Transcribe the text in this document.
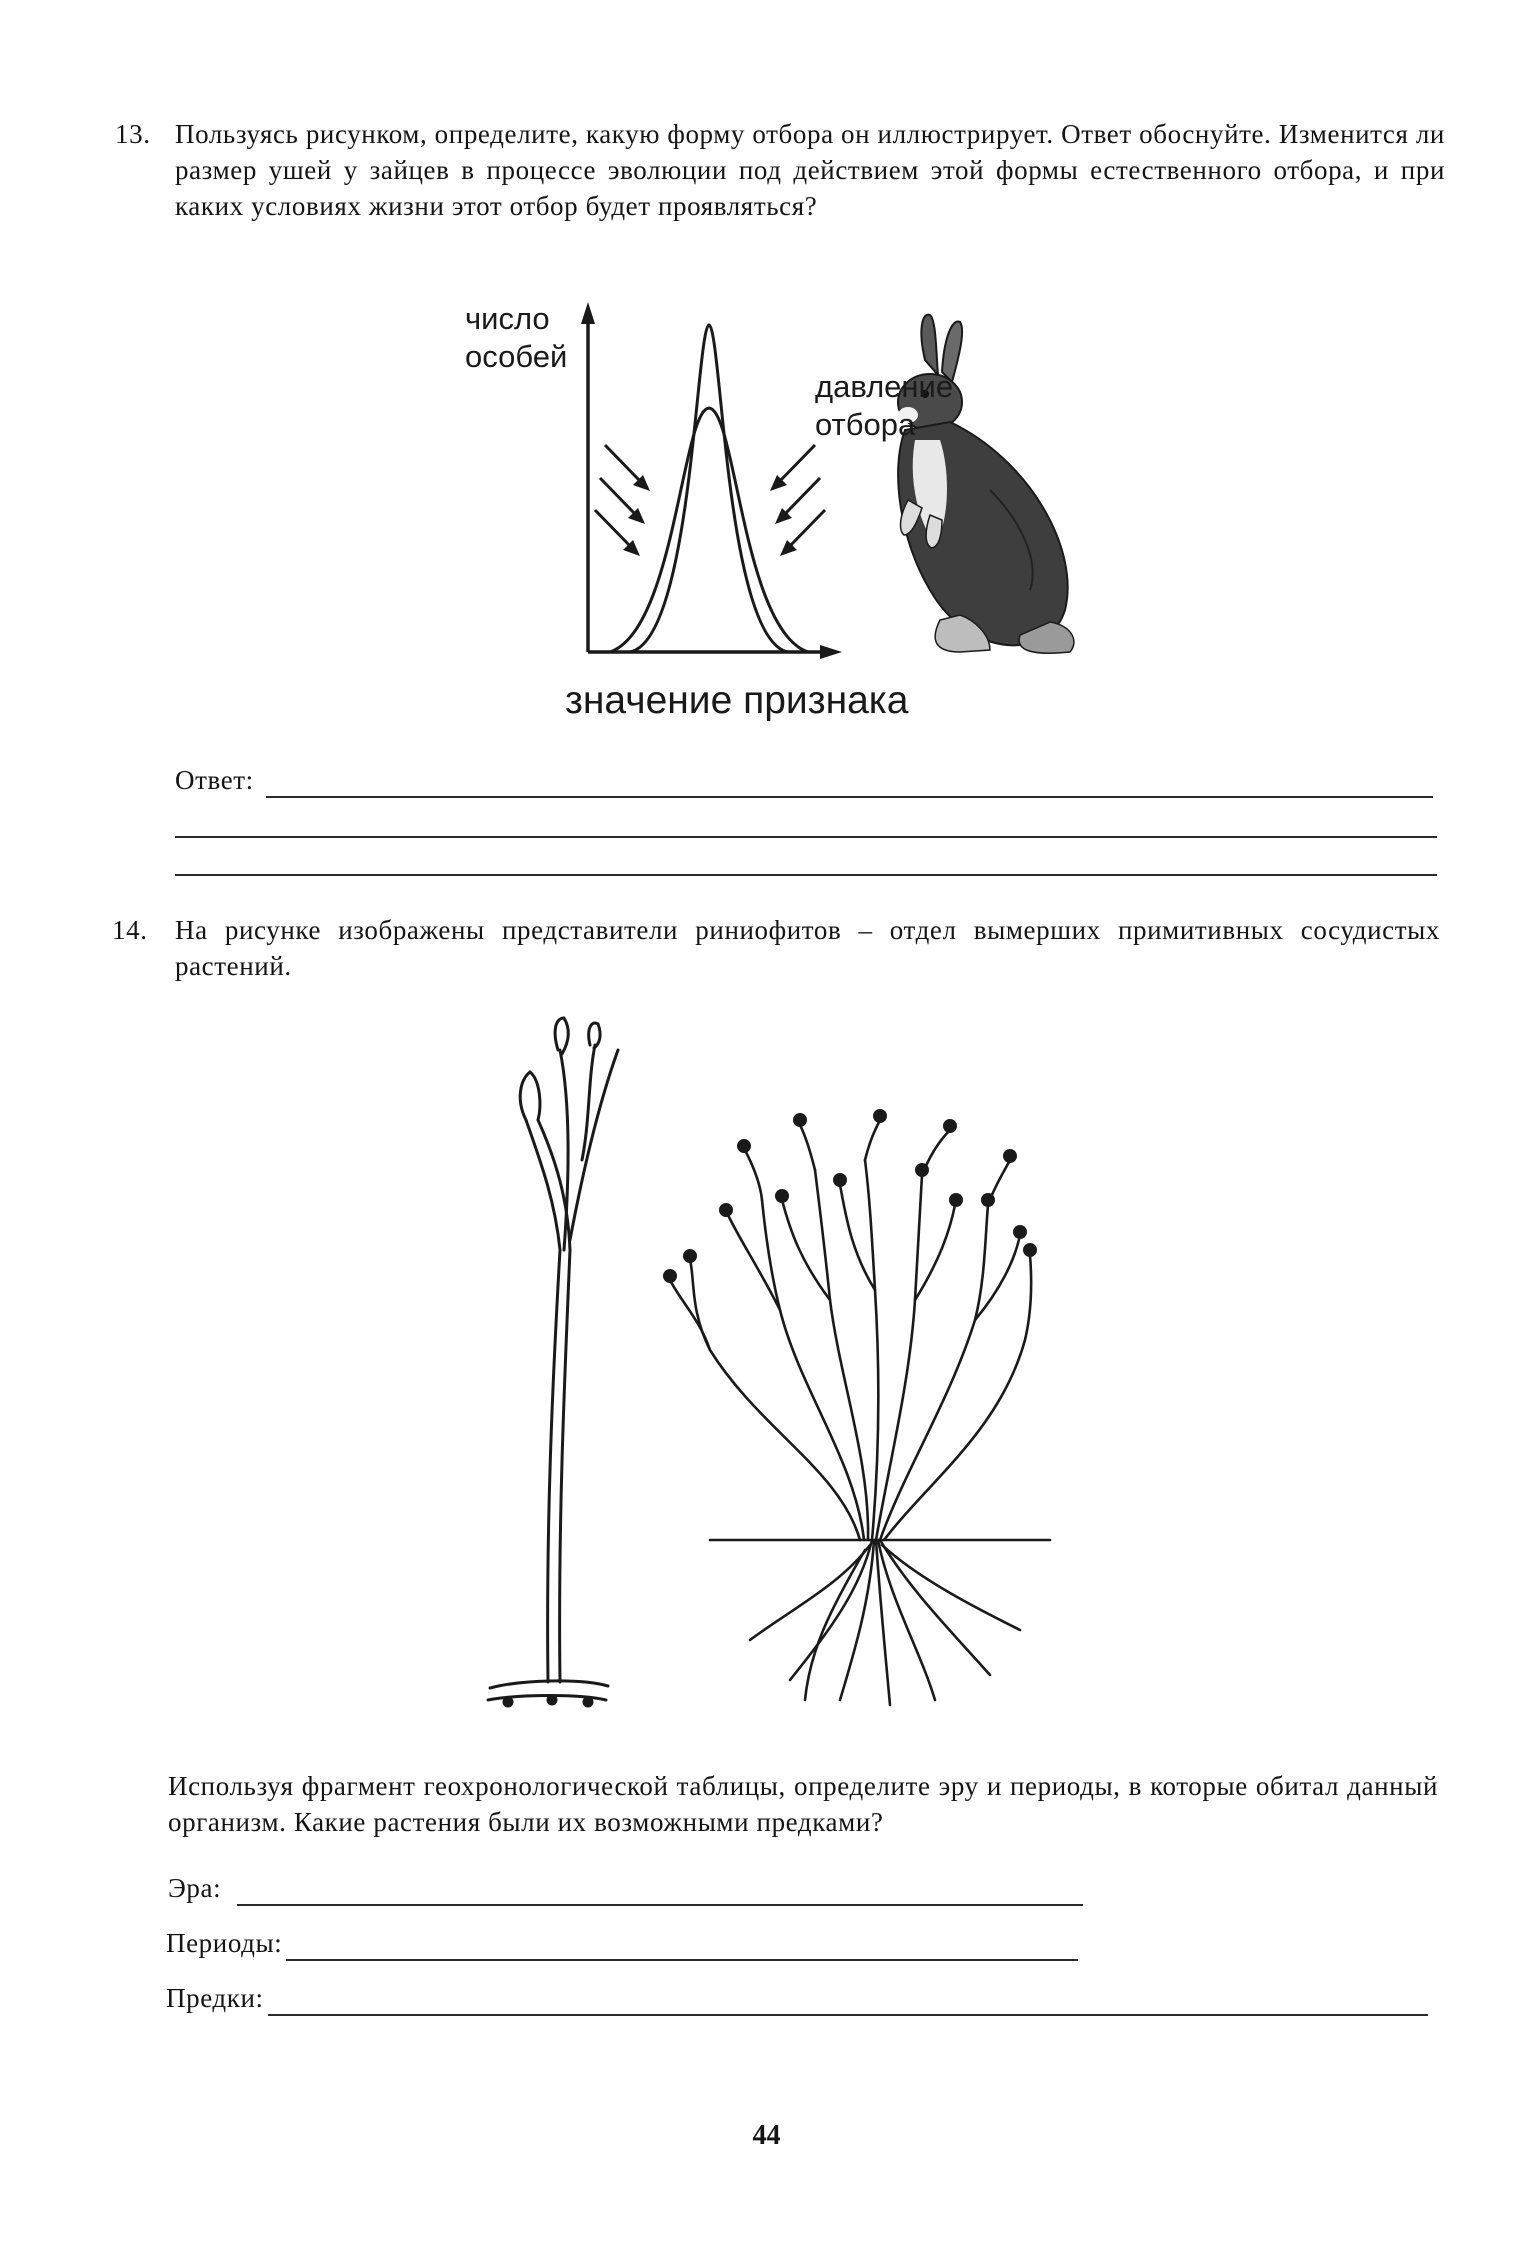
13. Пользуясь рисунком, определите, какую форму отбора он иллюстрирует. Ответ обоснуйте. Изменится ли размер ушей у зайцев в процессе эволюции под действием этой формы естественного отбора, и при каких условиях жизни этот отбор будет проявляться?
число
особей
давление
отбора
значение признака
Ответ:
14. На рисунке изображены представители риниофитов – отдел вымерших примитивных сосудистых растений.
Используя фрагмент геохронологической таблицы, определите эру и периоды, в которые обитал данный организм. Какие растения были их возможными предками?
Эра:
Периоды:
Предки:
44
